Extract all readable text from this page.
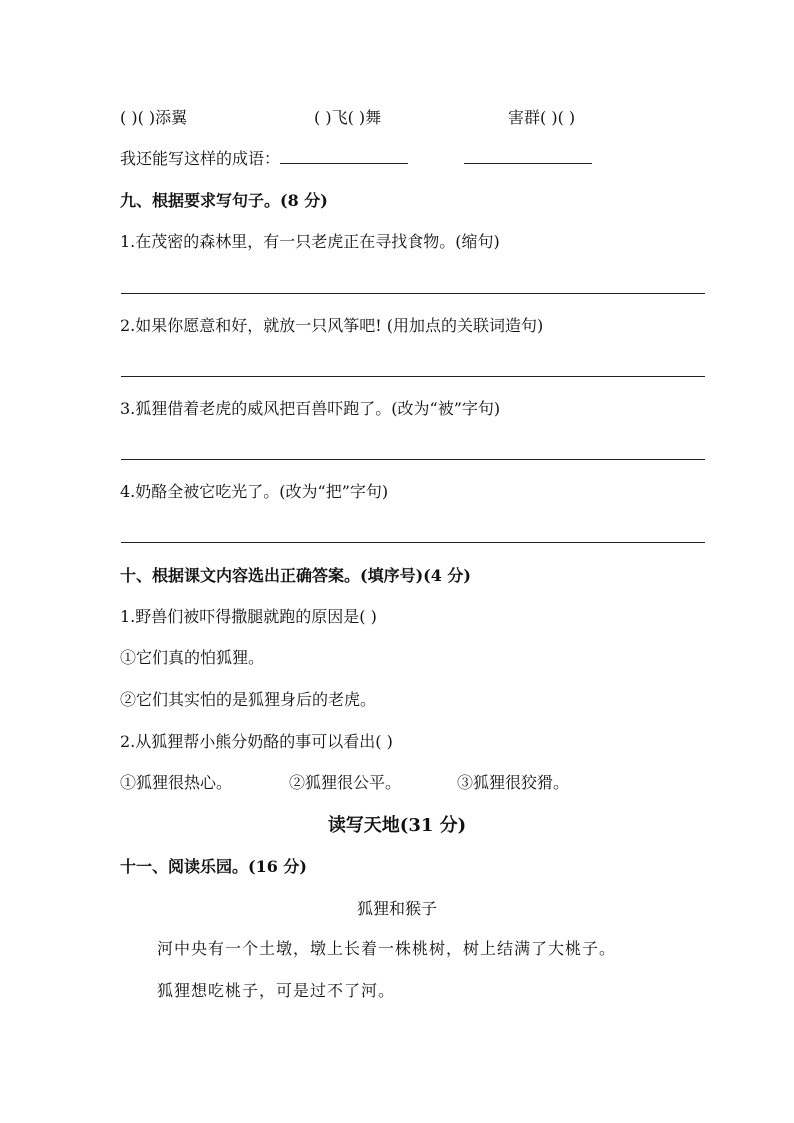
( )( )添翼	( )飞( )舞	害群( )( )
我还能写这样的成语：
九、根据要求写句子。(8 分)
1.在茂密的森林里，有一只老虎正在寻找食物。(缩句)
2.如果你愿意和好，就放一只风筝吧! (用加点的关联词造句)
3.狐狸借着老虎的威风把百兽吓跑了。(改为“被”字句)
4.奶酪全被它吃光了。(改为“把”字句)
十、根据课文内容选出正确答案。(填序号)(4 分)
1.野兽们被吓得撒腿就跑的原因是( )
①它们真的怕狐狸。
②它们其实怕的是狐狸身后的老虎。
2.从狐狸帮小熊分奶酪的事可以看出( )
①狐狸很热心。	②狐狸很公平。	③狐狸很狡猾。
读写天地(31 分)
十一、阅读乐园。(16 分)
狐狸和猴子
河中央有一个土墩，墩上长着一株桃树，树上结满了大桃子。
狐狸想吃桃子，可是过不了河。
